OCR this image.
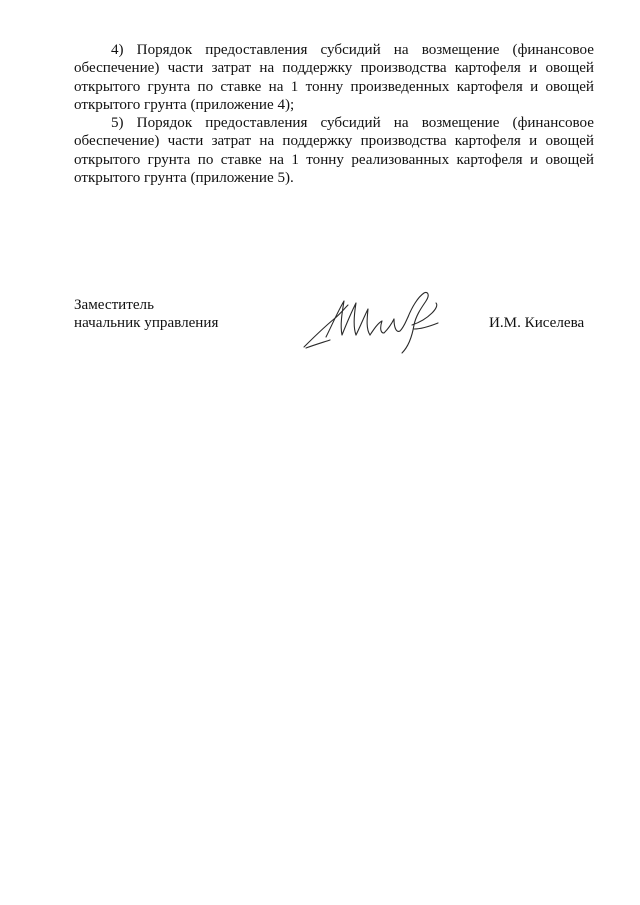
4) Порядок предоставления субсидий на возмещение (финансовое обеспечение) части затрат на поддержку производства картофеля и овощей открытого грунта по ставке на 1 тонну произведенных картофеля и овощей открытого грунта (приложение 4);

5) Порядок предоставления субсидий на возмещение (финансовое обеспечение) части затрат на поддержку производства картофеля и овощей открытого грунта по ставке на 1 тонну реализованных картофеля и овощей открытого грунта (приложение 5).

Заместитель
начальник управления	И.М. Киселева
